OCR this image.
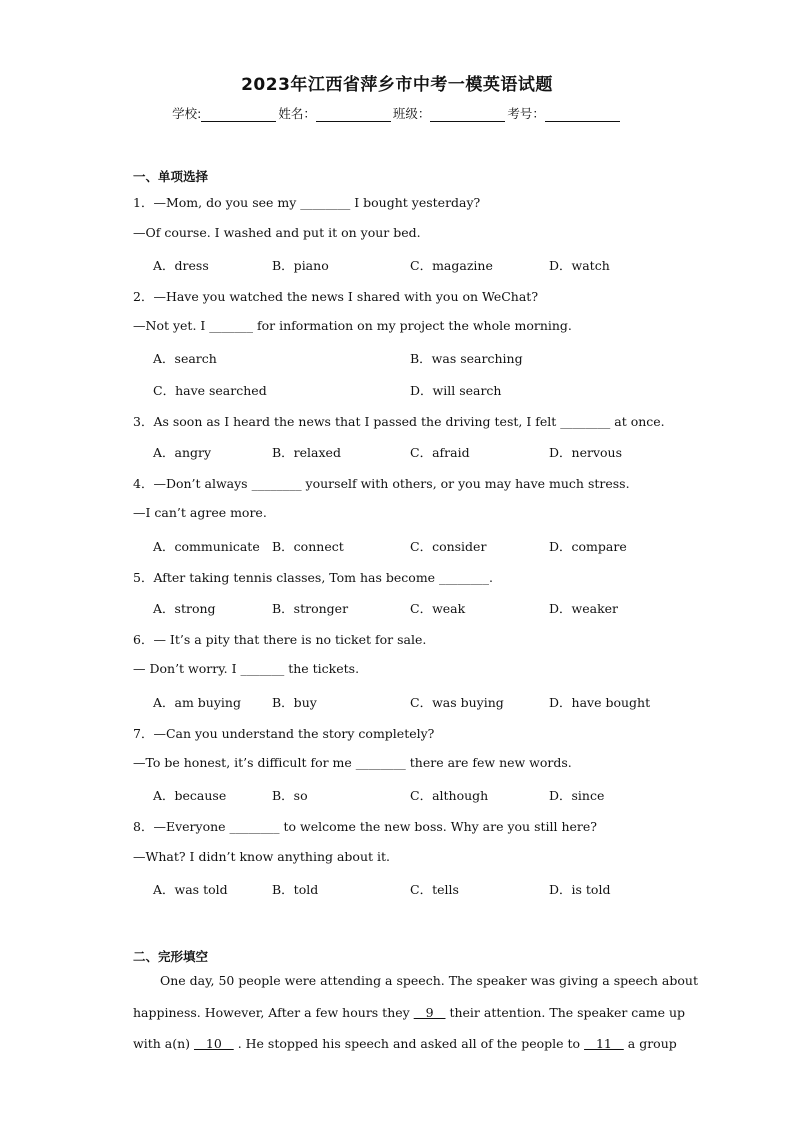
2023年江西省萍乡市中考一模英语试题
学校:	姓名：	班级：	考号：
一、单项选择
1．—Mom, do you see my ________ I bought yesterday?
—Of course. I washed and put it on your bed.
A．dress	B．piano	C．magazine	D．watch
2．—Have you watched the news I shared with you on WeChat?
—Not yet. I _______ for information on my project the whole morning.
A．search	B．was searching
C．have searched	D．will search
3．As soon as I heard the news that I passed the driving test, I felt ________ at once.
A．angry	B．relaxed	C．afraid	D．nervous
4．—Don’t always ________ yourself with others, or you may have much stress.
—I can’t agree more.
A．communicate B．connect	C．consider	D．compare
5．After taking tennis classes, Tom has become ________.
A．strong	B．stronger	C．weak	D．weaker
6．— It’s a pity that there is no ticket for sale.
— Don’t worry. I _______ the tickets.
A．am buying B．buy	C．was buying	D．have bought
7．—Can you understand the story completely?
—To be honest, it’s difficult for me ________ there are few new words.
A．because	B．so	C．although	D．since
8．—Everyone ________ to welcome the new boss. Why are you still here?
—What? I didn’t know anything about it.
A．was told	B．told	C．tells	D．is told
二、完形填空
One day, 50 people were attending a speech. The speaker was giving a speech about
happiness. However, After a few hours they    9    their attention. The speaker came up
with a(n)    10    . He stopped his speech and asked all of the people to    11    a group
